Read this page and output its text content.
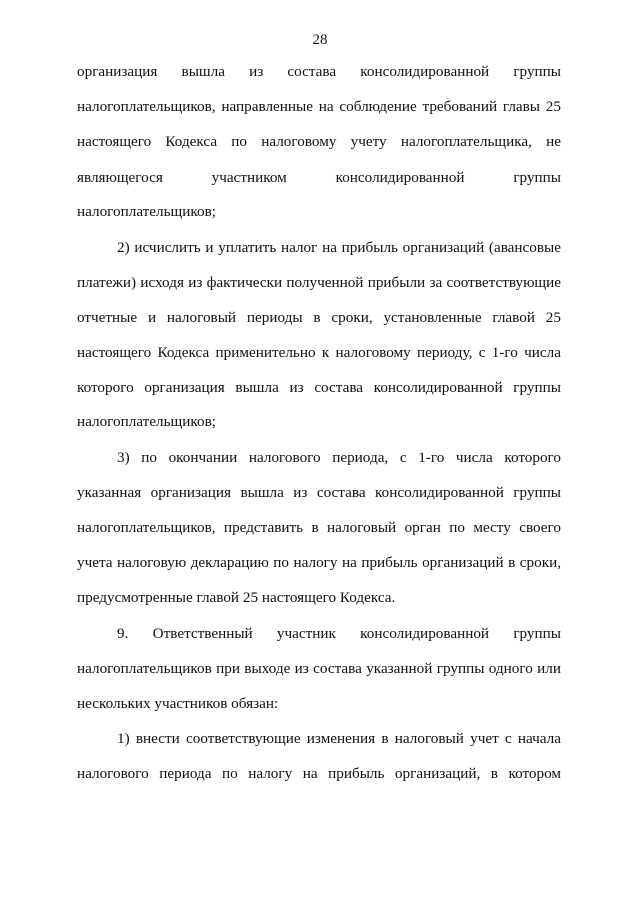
28
организация вышла из состава консолидированной группы
налогоплательщиков, направленные на соблюдение требований главы 25
настоящего Кодекса по налоговому учету налогоплательщика, не
являющегося участником консолидированной группы
налогоплательщиков;
2) исчислить и уплатить налог на прибыль организаций (авансовые
платежи) исходя из фактически полученной прибыли за соответствующие
отчетные и налоговый периоды в сроки, установленные главой 25
настоящего Кодекса применительно к налоговому периоду, с 1-го числа
которого организация вышла из состава консолидированной группы
налогоплательщиков;
3) по окончании налогового периода, с 1-го числа которого
указанная организация вышла из состава консолидированной группы
налогоплательщиков, представить в налоговый орган по месту своего
учета налоговую декларацию по налогу на прибыль организаций в сроки,
предусмотренные главой 25 настоящего Кодекса.
9. Ответственный участник консолидированной группы
налогоплательщиков при выходе из состава указанной группы одного или
нескольких участников обязан:
1) внести соответствующие изменения в налоговый учет с начала
налогового периода по налогу на прибыль организаций, в котором
